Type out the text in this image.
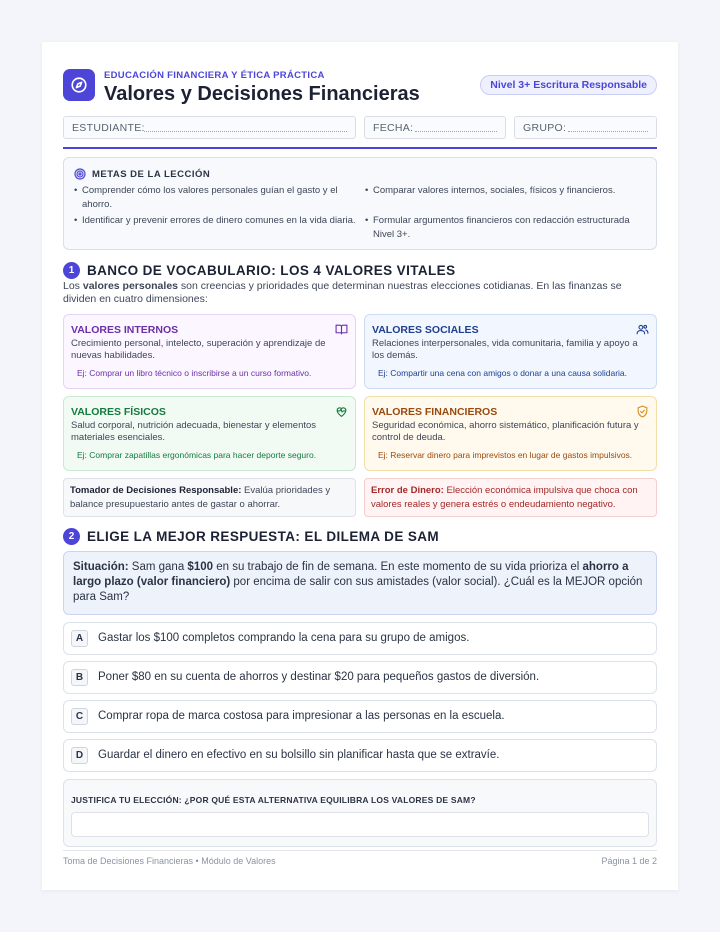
EDUCACIÓN FINANCIERA Y ÉTICA PRÁCTICA
Valores y Decisiones Financieras	Nivel 3+ Escritura Responsable
ESTUDIANTE:	FECHA:	GRUPO:
METAS DE LA LECCIÓN
• Comprender cómo los valores personales guían el gasto y el ahorro.
• Comparar valores internos, sociales, físicos y financieros.
• Identificar y prevenir errores de dinero comunes en la vida diaria.
•	Formular argumentos financieros con redacción estructurada Nivel 3+.
1 BANCO DE VOCABULARIO: LOS 4 VALORES VITALES
Los valores personales son creencias y prioridades que determinan nuestras elecciones cotidianas. En las finanzas se dividen en cuatro dimensiones:
VALORES INTERNOS
Crecimiento personal, intelecto, superación y aprendizaje de nuevas habilidades.
Ej: Comprar un libro técnico o inscribirse a un curso formativo.
VALORES SOCIALES
Relaciones interpersonales, vida comunitaria, familia y apoyo a los demás.
Ej: Compartir una cena con amigos o donar a una causa solidaria.
VALORES FÍSICOS
Salud corporal, nutrición adecuada, bienestar y elementos materiales esenciales.
Ej: Comprar zapatillas ergonómicas para hacer deporte seguro.
VALORES FINANCIEROS
Seguridad económica, ahorro sistemático, planificación futura y control de deuda.
Ej: Reservar dinero para imprevistos en lugar de gastos impulsivos.
Tomador de Decisiones Responsable: Evalúa prioridades y balance presupuestario antes de gastar o ahorrar.
Error de Dinero: Elección económica impulsiva que choca con valores reales y genera estrés o endeudamiento negativo.
2 ELIGE LA MEJOR RESPUESTA: EL DILEMA DE SAM
Situación: Sam gana $100 en su trabajo de fin de semana. En este momento de su vida prioriza el ahorro a largo plazo (valor financiero) por encima de salir con sus amistades (valor social). ¿Cuál es la MEJOR opción para Sam?
A	Gastar los $100 completos comprando la cena para su grupo de amigos.
B	Poner $80 en su cuenta de ahorros y destinar $20 para pequeños gastos de diversión.
C	Comprar ropa de marca costosa para impresionar a las personas en la escuela.
D	Guardar el dinero en efectivo en su bolsillo sin planificar hasta que se extravíe.
JUSTIFICA TU ELECCIÓN: ¿POR QUÉ ESTA ALTERNATIVA EQUILIBRA LOS VALORES DE SAM?
Toma de Decisiones Financieras • Módulo de Valores	Página 1 de 2
